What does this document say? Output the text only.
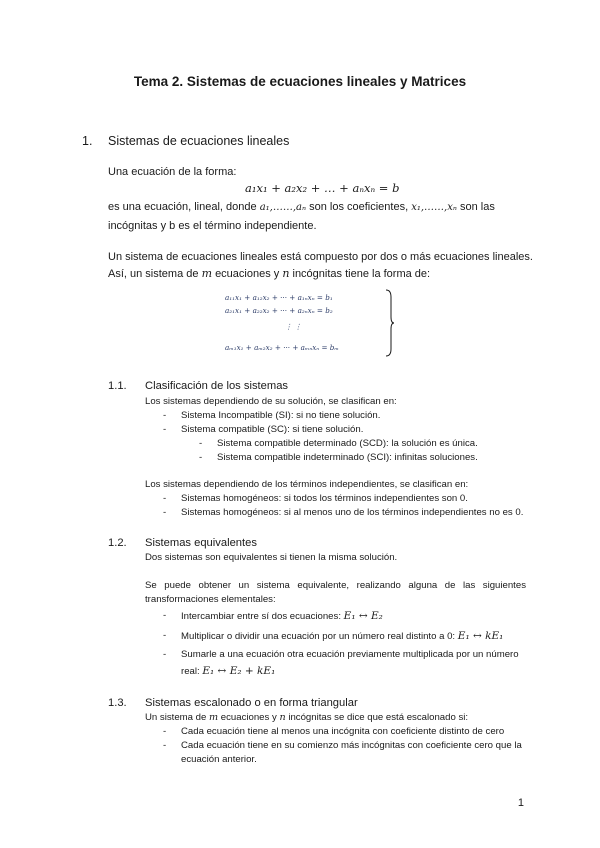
Tema 2. Sistemas de ecuaciones lineales y Matrices
1. Sistemas de ecuaciones lineales
Una ecuación de la forma:
a₁x₁ + a₂x₂ + … + aₙxₙ = b
es una ecuación, lineal, donde a₁,……,aₙ son los coeficientes, x₁,……,xₙ son las
incógnitas y b es el término independiente.
Un sistema de ecuaciones lineales está compuesto por dos o más ecuaciones lineales.
Así, un sistema de m ecuaciones y n incógnitas tiene la forma de:
a₁₁x₁ + a₁₂x₂ + ··· + a₁ₙxₙ = b₁
a₂₁x₁ + a₂₂x₂ + ··· + a₂ₙxₙ = b₂
⋮ ⋮
aₘ₁x₁ + aₘ₂x₂ + ··· + aₘₙxₙ = bₘ
1.1. Clasificación de los sistemas
Los sistemas dependiendo de su solución, se clasifican en:
- Sistema Incompatible (SI): si no tiene solución.
- Sistema compatible (SC): si tiene solución.
- Sistema compatible determinado (SCD): la solución es única.
- Sistema compatible indeterminado (SCI): infinitas soluciones.
Los sistemas dependiendo de los términos independientes, se clasifican en:
- Sistemas homogéneos: si todos los términos independientes son 0.
- Sistemas homogéneos: si al menos uno de los términos independientes no es 0.
1.2. Sistemas equivalentes
Dos sistemas son equivalentes si tienen la misma solución.
Se puede obtener un sistema equivalente, realizando alguna de las siguientes
transformaciones elementales:
- Intercambiar entre sí dos ecuaciones: E₁ ↔ E₂
- Multiplicar o dividir una ecuación por un número real distinto a 0: E₁ ↔ kE₁
- Sumarle a una ecuación otra ecuación previamente multiplicada por un número
real: E₁ ↔ E₂ + kE₁
1.3. Sistemas escalonado o en forma triangular
Un sistema de m ecuaciones y n incógnitas se dice que está escalonado si:
- Cada ecuación tiene al menos una incógnita con coeficiente distinto de cero
- Cada ecuación tiene en su comienzo más incógnitas con coeficiente cero que la
ecuación anterior.
1
